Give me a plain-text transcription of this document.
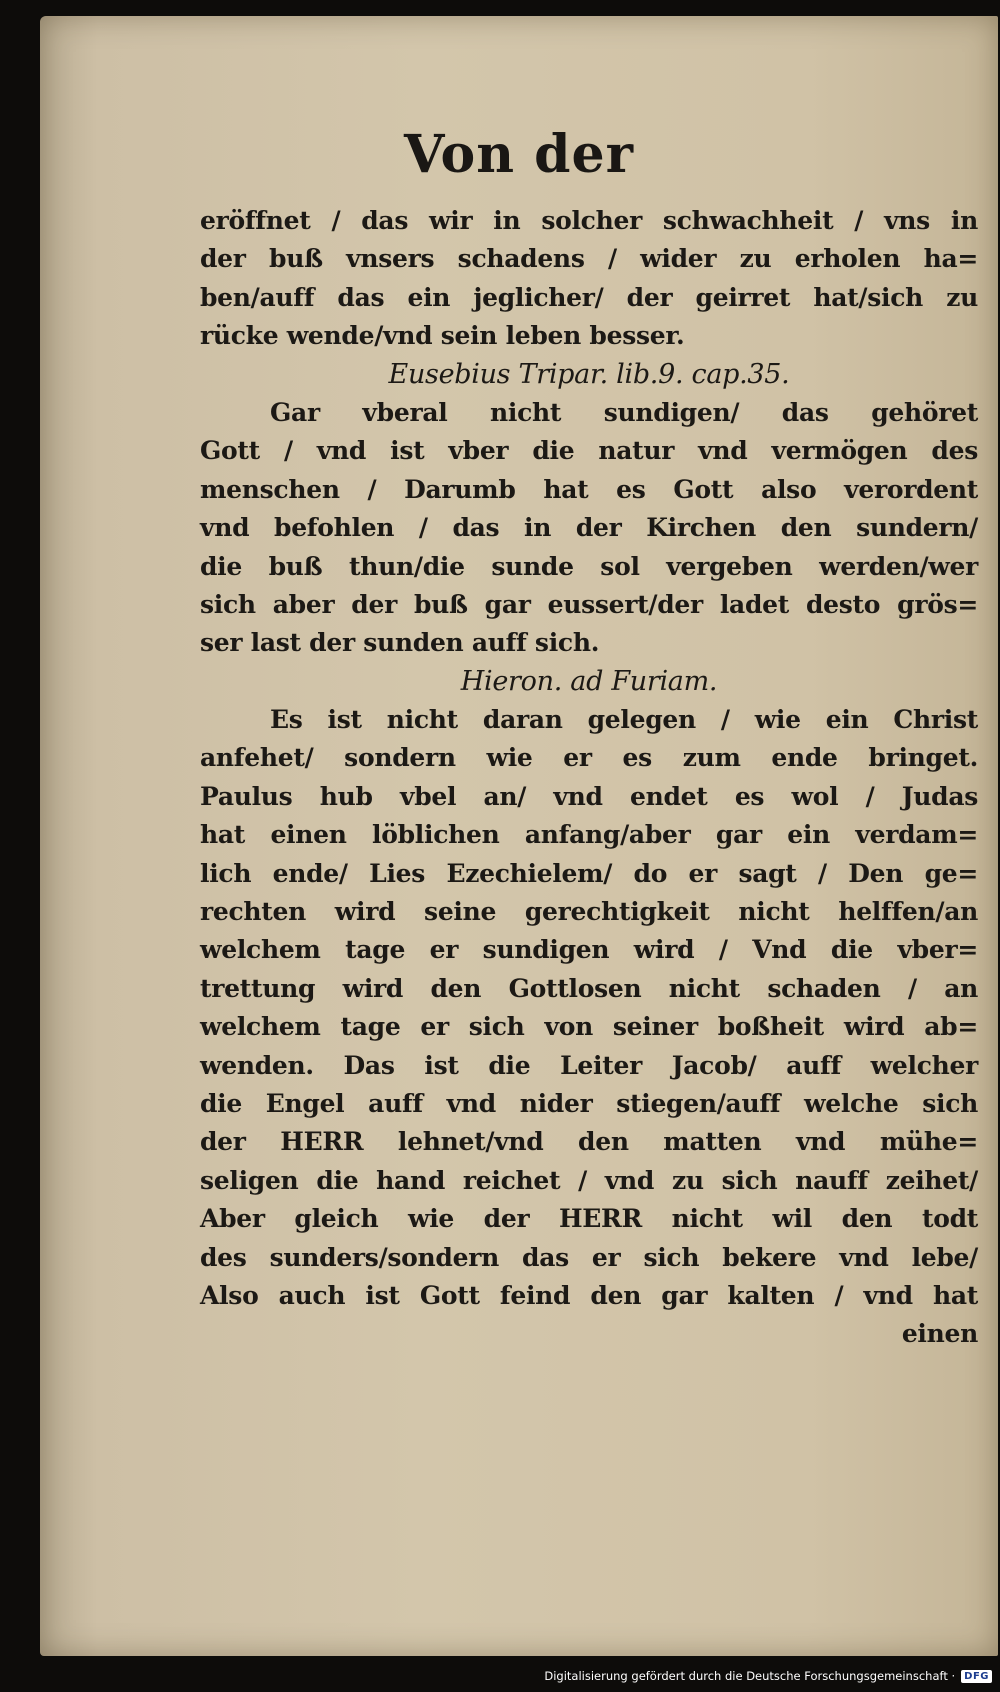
Von der
eröffnet / das wir in solcher schwachheit / vns in
der buß vnsers schadens / wider zu erholen ha=
ben/auff das ein jeglicher/ der geirret hat/sich zu
rücke wende/vnd sein leben besser.
Eusebius Tripar. lib.9. cap.35.
Gar vberal nicht sundigen/ das gehöret
Gott / vnd ist vber die natur vnd vermögen des
menschen / Darumb hat es Gott also verordent
vnd befohlen / das in der Kirchen den sundern/
die buß thun/die sunde sol vergeben werden/wer
sich aber der buß gar eussert/der ladet desto grös=
ser last der sunden auff sich.
Hieron. ad Furiam.
Es ist nicht daran gelegen / wie ein Christ
anfehet/ sondern wie er es zum ende bringet.
Paulus hub vbel an/ vnd endet es wol / Judas
hat einen löblichen anfang/aber gar ein verdam=
lich ende/ Lies Ezechielem/ do er sagt / Den ge=
rechten wird seine gerechtigkeit nicht helffen/an
welchem tage er sundigen wird / Vnd die vber=
trettung wird den Gottlosen nicht schaden / an
welchem tage er sich von seiner boßheit wird ab=
wenden. Das ist die Leiter Jacob/ auff welcher
die Engel auff vnd nider stiegen/auff welche sich
der HERR lehnet/vnd den matten vnd mühe=
seligen die hand reichet / vnd zu sich nauff zeihet/
Aber gleich wie der HERR nicht wil den todt
des sunders/sondern das er sich bekere vnd lebe/
Also auch ist Gott feind den gar kalten / vnd hat
einen
Digitalisierung gefördert durch die Deutsche Forschungsgemeinschaft · DFG
